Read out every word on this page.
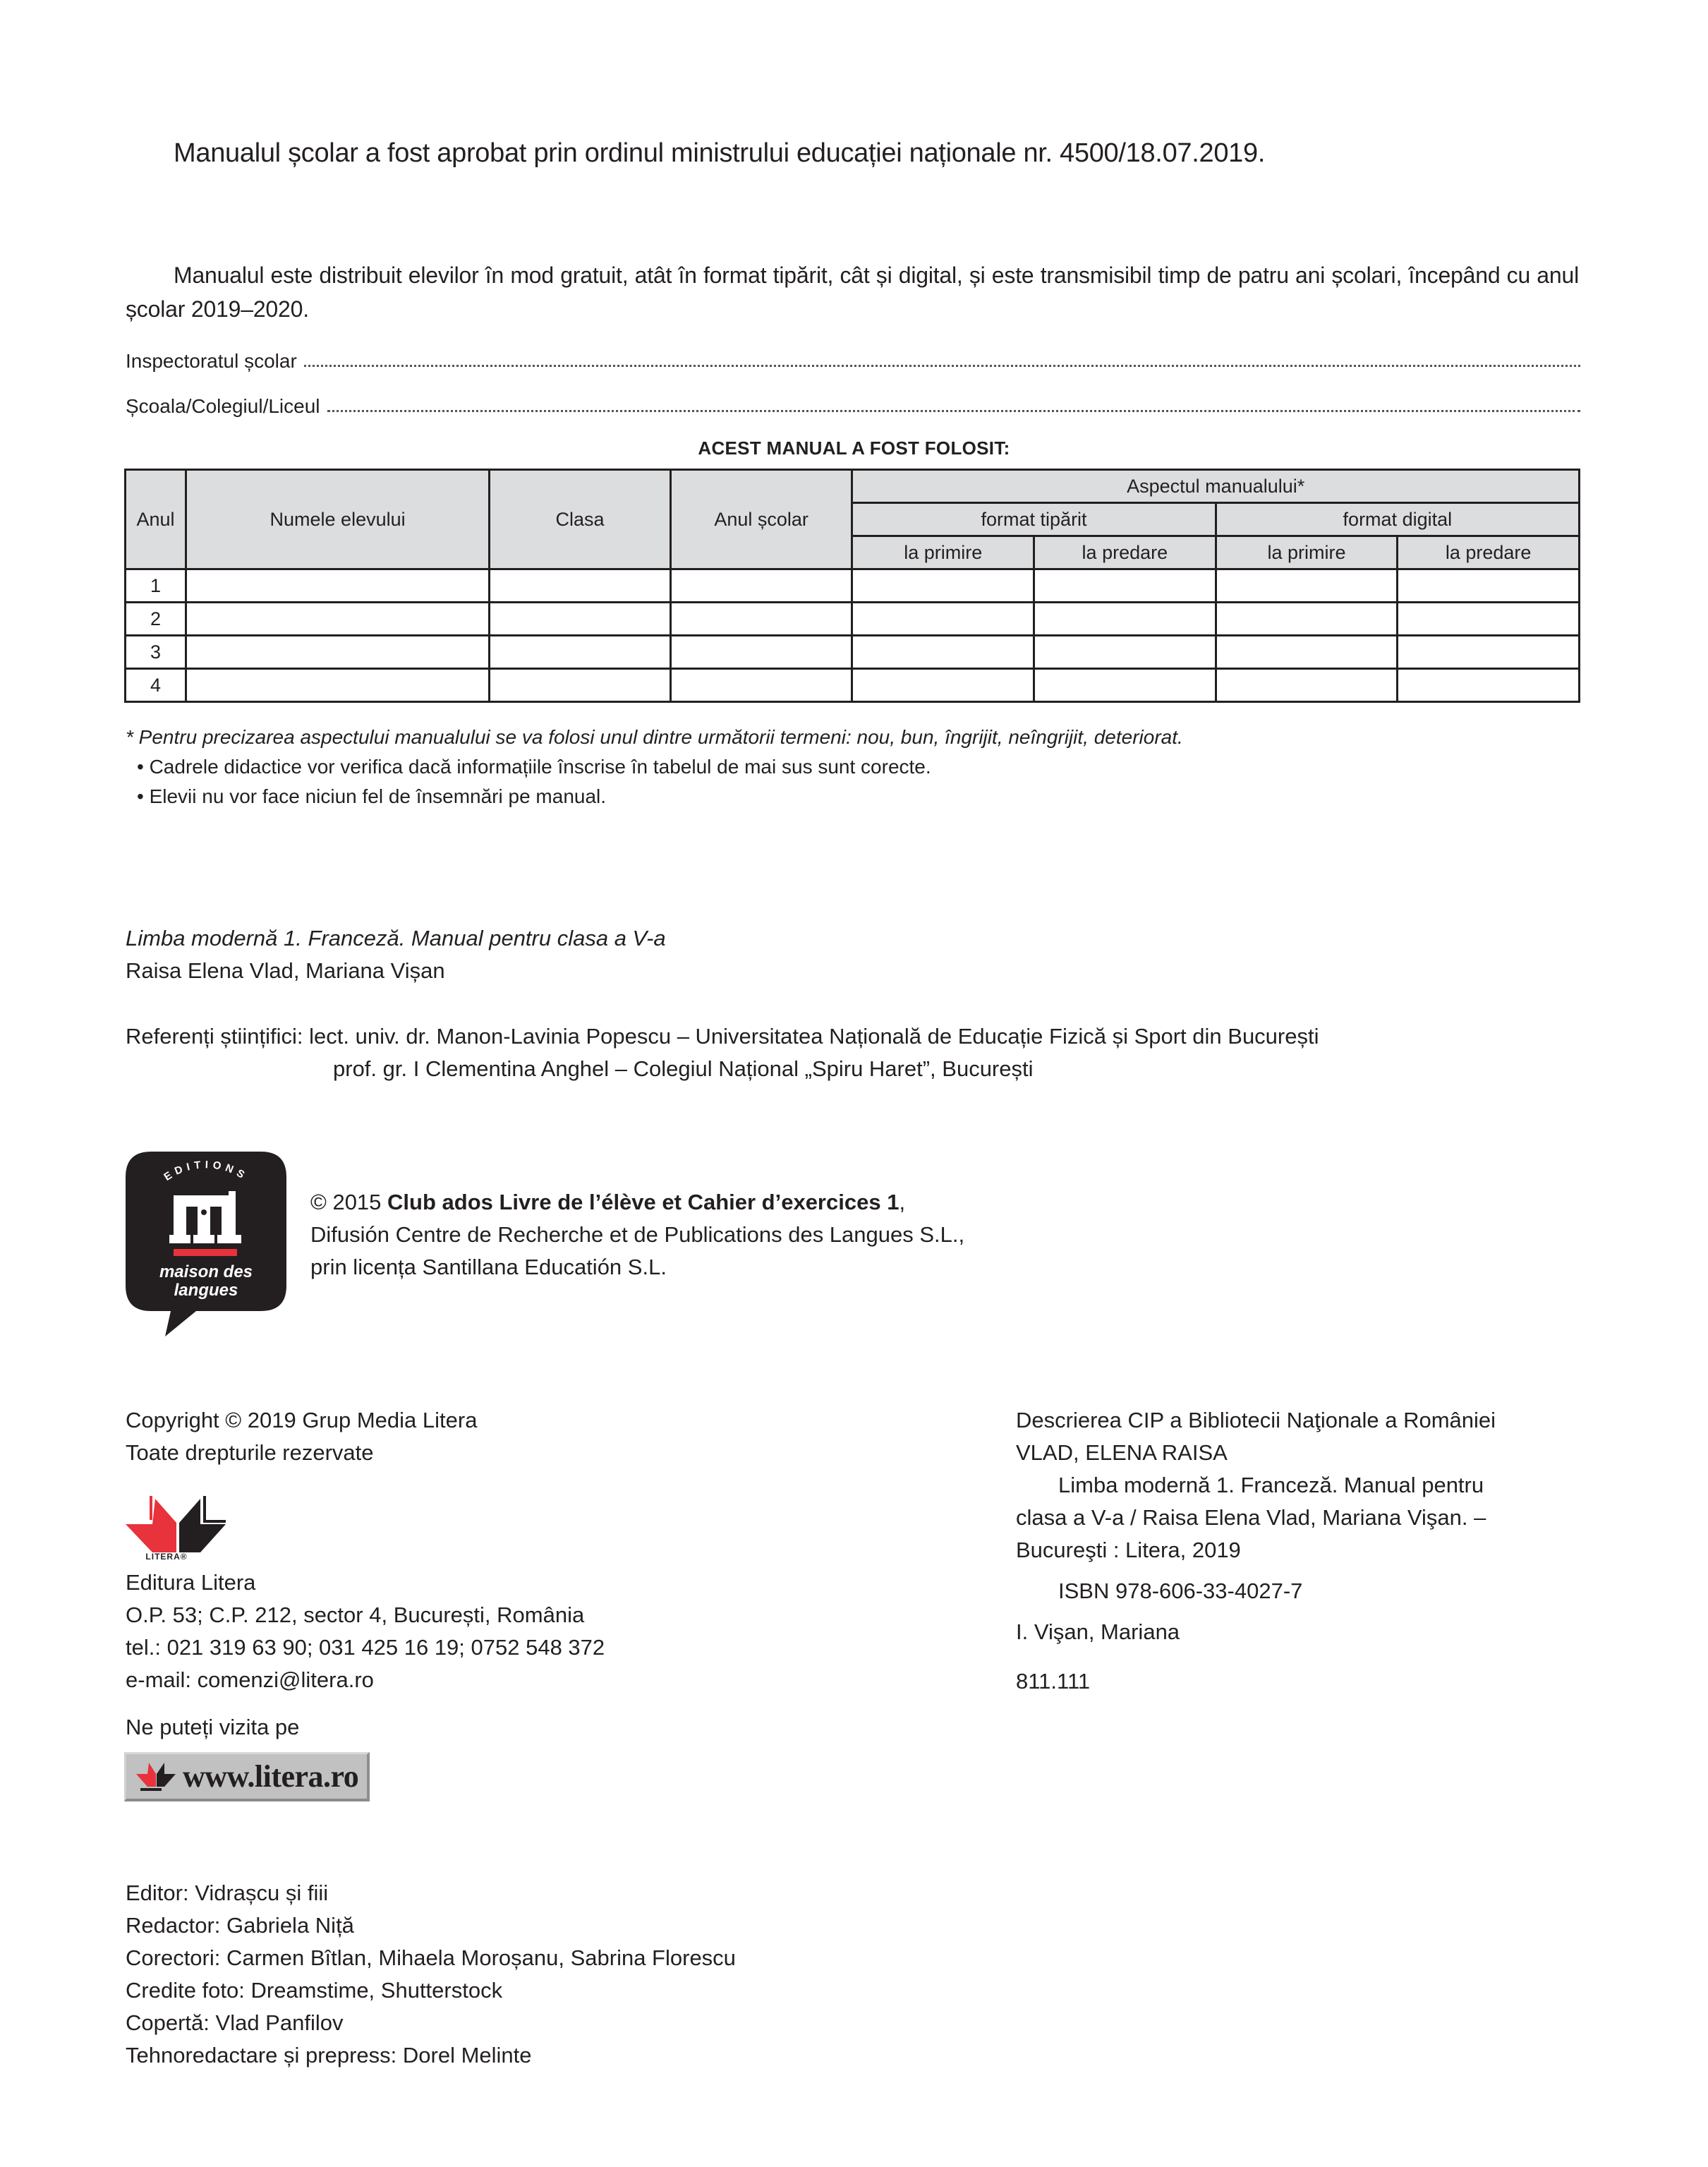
Manualul școlar a fost aprobat prin ordinul ministrului educației naționale nr. 4500/18.07.2019.
Manualul este distribuit elevilor în mod gratuit, atât în format tipărit, cât și digital, și este transmisibil timp de patru ani școlari, începând cu anul școlar 2019–2020.
Inspectoratul școlar
Școala/Colegiul/Liceul
ACEST MANUAL A FOST FOLOSIT:
Anul	Numele elevului	Clasa	Anul școlar	Aspectul manualului*			
				format tipărit		format digital	
				la primire	la predare	la primire	la predare
1							
2							
3							
4							
* Pentru precizarea aspectului manualului se va folosi unul dintre următorii termeni: nou, bun, îngrijit, neîngrijit, deteriorat.
• Cadrele didactice vor verifica dacă informațiile înscrise în tabelul de mai sus sunt corecte.
• Elevii nu vor face niciun fel de însemnări pe manual.
Limba modernă 1. Franceză. Manual pentru clasa a V-a
Raisa Elena Vlad, Mariana Vișan
Referenți științifici: lect. univ. dr. Manon-Lavinia Popescu – Universitatea Națională de Educație Fizică și Sport din București
prof. gr. I Clementina Anghel – Colegiul Național „Spiru Haret”, București
EDITIONS
maison des
langues
© 2015 Club ados Livre de l’élève et Cahier d’exercices 1,
Difusión Centre de Recherche et de Publications des Langues S.L.,
prin licența Santillana Educatión S.L.
Copyright © 2019 Grup Media Litera
Toate drepturile rezervate
LITERA®
Editura Litera
O.P. 53; C.P. 212, sector 4, București, România
tel.: 021 319 63 90; 031 425 16 19; 0752 548 372
e-mail: comenzi@litera.ro
Ne puteți vizita pe
www.litera.ro
Descrierea CIP a Bibliotecii Naţionale a României
VLAD, ELENA RAISA
Limba modernă 1. Franceză. Manual pentru
clasa a V-a / Raisa Elena Vlad, Mariana Vişan. –
Bucureşti : Litera, 2019
ISBN 978-606-33-4027-7
I. Vişan, Mariana
811.111
Editor: Vidrașcu și fiii
Redactor: Gabriela Niță
Corectori: Carmen Bîtlan, Mihaela Moroșanu, Sabrina Florescu
Credite foto: Dreamstime, Shutterstock
Copertă: Vlad Panfilov
Tehnoredactare și prepress: Dorel Melinte
